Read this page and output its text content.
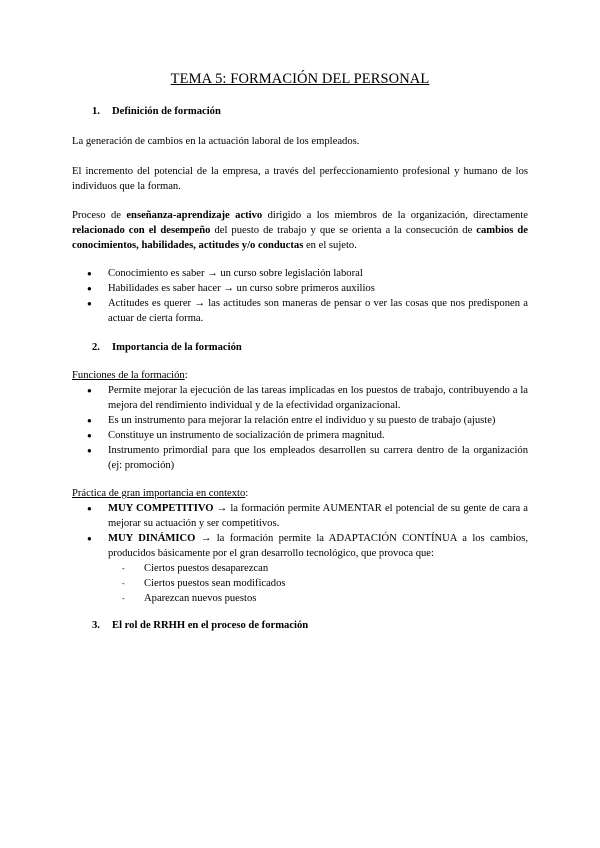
TEMA 5: FORMACIÓN DEL PERSONAL
1. Definición de formación

La generación de cambios en la actuación laboral de los empleados.

El incremento del potencial de la empresa, a través del perfeccionamiento profesional y humano de los individuos que la forman.

Proceso de enseñanza-aprendizaje activo dirigido a los miembros de la organización, directamente relacionado con el desempeño del puesto de trabajo y que se orienta a la consecución de cambios de conocimientos, habilidades, actitudes y/o conductas en el sujeto.

● Conocimiento es saber → un curso sobre legislación laboral
● Habilidades es saber hacer → un curso sobre primeros auxilios
● Actitudes es querer → las actitudes son maneras de pensar o ver las cosas que nos predisponen a actuar de cierta forma.
2. Importancia de la formación

Funciones de la formación:

● Permite mejorar la ejecución de las tareas implicadas en los puestos de trabajo, contribuyendo a la mejora del rendimiento individual y de la efectividad organizacional.
● Es un instrumento para mejorar la relación entre el individuo y su puesto de trabajo (ajuste)
● Constituye un instrumento de socialización de primera magnitud.
● Instrumento primordial para que los empleados desarrollen su carrera dentro de la organización (ej: promoción)

Práctica de gran importancia en contexto:

● MUY COMPETITIVO → la formación permite AUMENTAR el potencial de su gente de cara a mejorar su actuación y ser competitivos.
● MUY DINÁMICO → la formación permite la ADAPTACIÓN CONTÍNUA a los cambios, producidos básicamente por el gran desarrollo tecnológico, que provoca que:
- Ciertos puestos desaparezcan
- Ciertos puestos sean modificados
- Aparezcan nuevos puestos
3. El rol de RRHH en el proceso de formación
